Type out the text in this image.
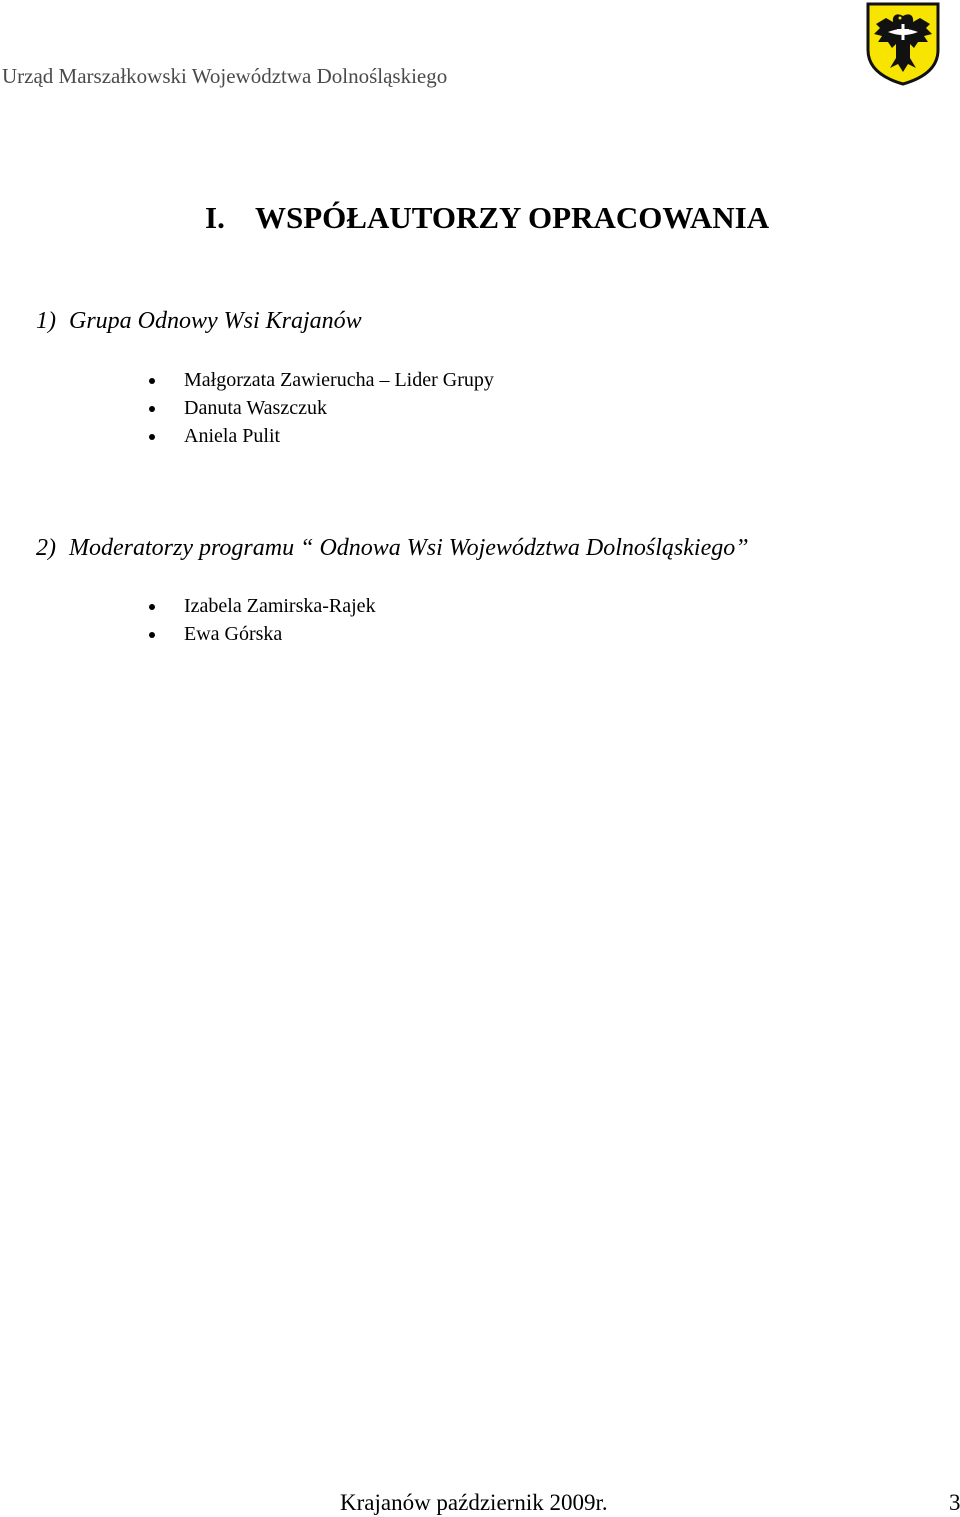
Urząd Marszałkowski Województwa Dolnośląskiego
I. WSPÓŁAUTORZY OPRACOWANIA
1) Grupa Odnowy Wsi Krajanów
Małgorzata Zawierucha – Lider Grupy
Danuta Waszczuk
Aniela Pulit
2) Moderatorzy programu “ Odnowa Wsi Województwa Dolnośląskiego”
Izabela Zamirska-Rajek
Ewa Górska
Krajanów październik 2009r.	3
